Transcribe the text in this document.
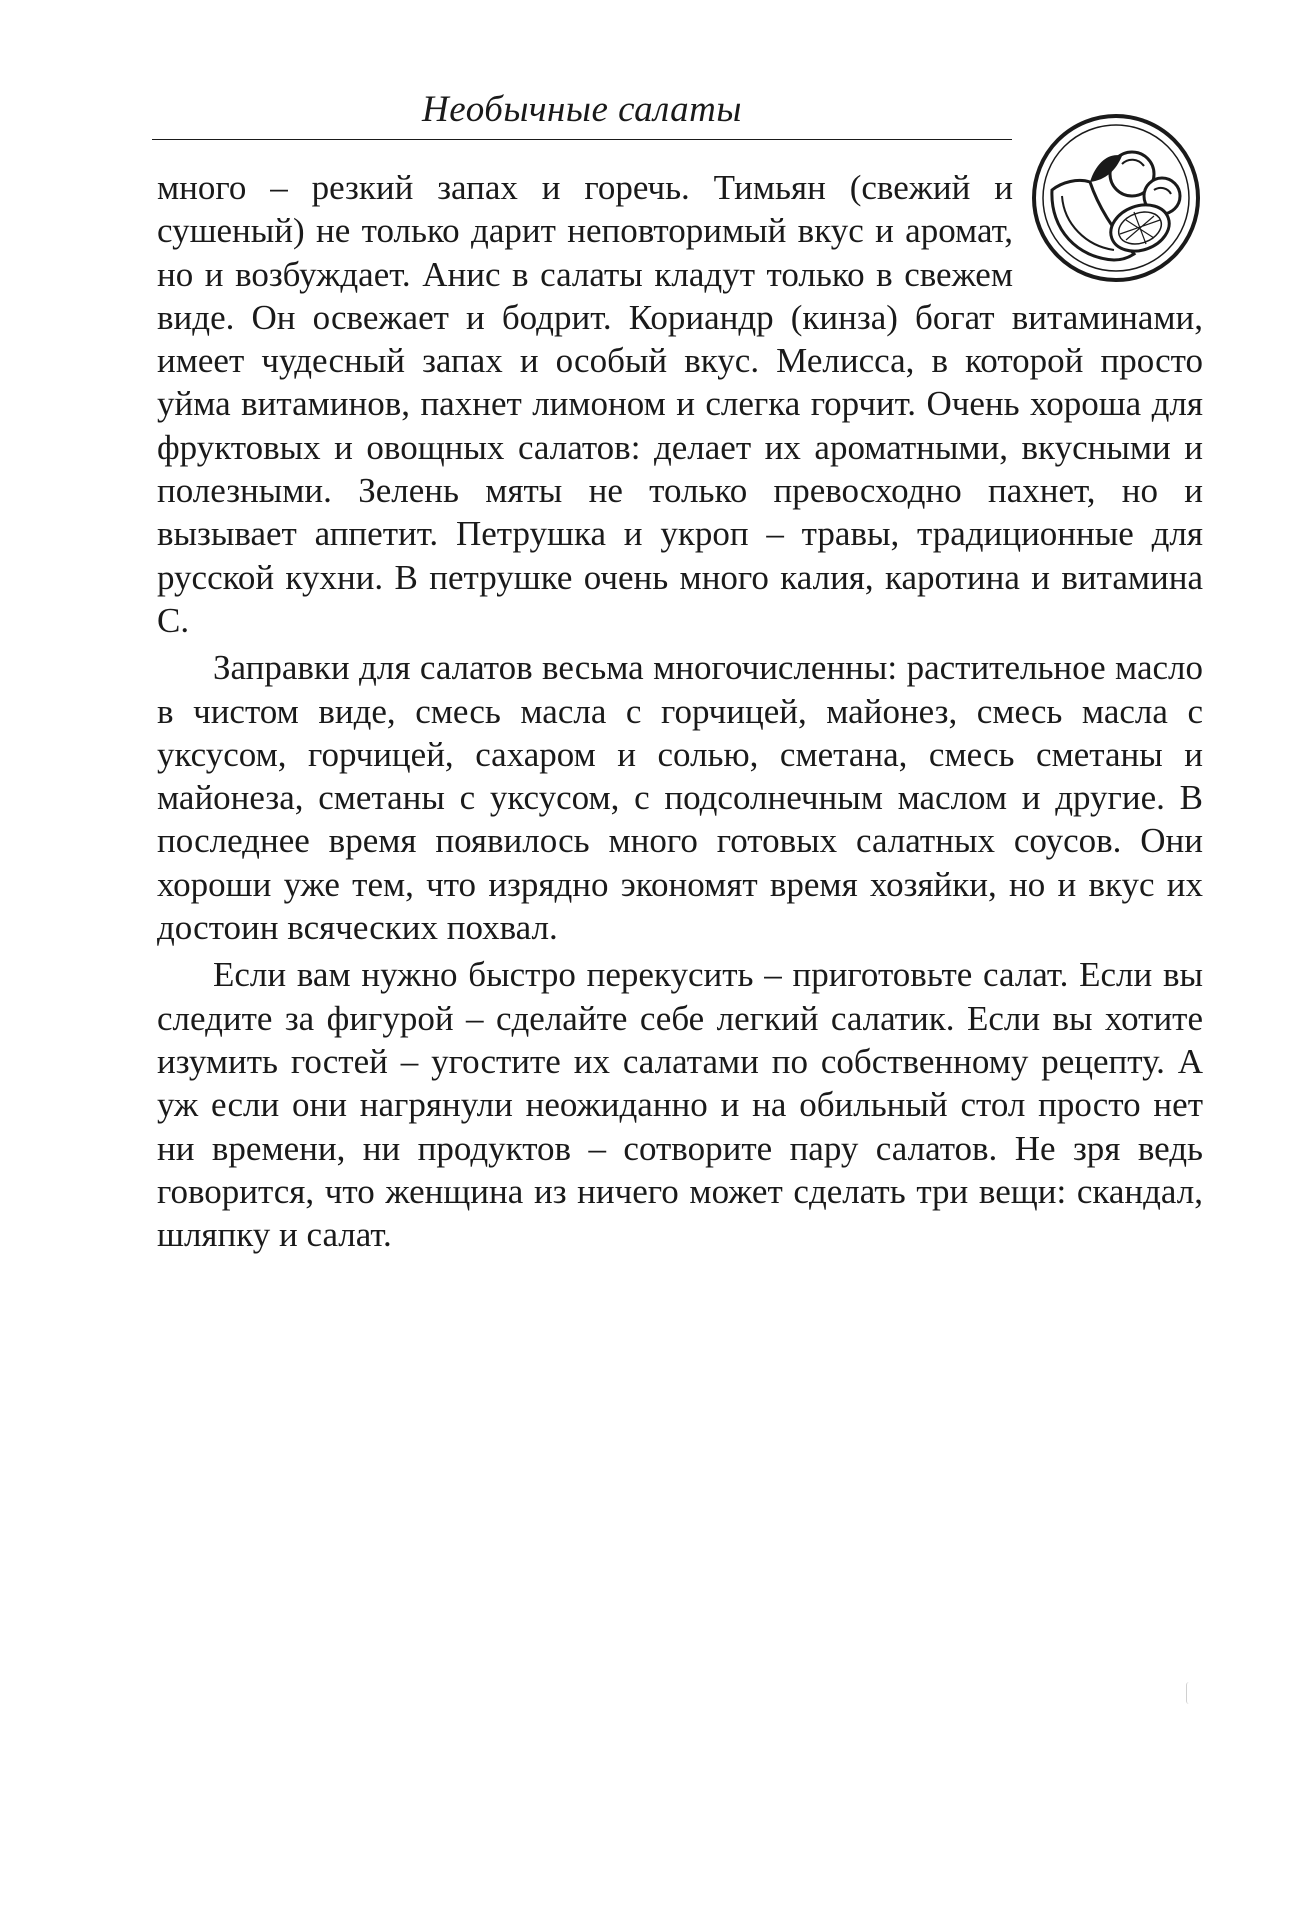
Необычные салаты

много – резкий запах и горечь. Тимьян (свежий и сушеный) не только дарит неповторимый вкус и аромат, но и возбуждает. Анис в салаты кладут только в свежем виде. Он освежает и бодрит. Кориандр (кинза) богат витаминами, имеет чудесный запах и особый вкус. Мелисса, в которой просто уйма витаминов, пахнет лимоном и слегка горчит. Очень хороша для фруктовых и овощных салатов: делает их ароматными, вкусными и полезными. Зелень мяты не только превосходно пахнет, но и вызывает аппетит. Петрушка и укроп – травы, традиционные для русской кухни. В петрушке очень много калия, каротина и витамина С.

Заправки для салатов весьма многочисленны: растительное масло в чистом виде, смесь масла с горчицей, майонез, смесь масла с уксусом, горчицей, сахаром и солью, сметана, смесь сметаны и майонеза, сметаны с уксусом, с подсолнечным маслом и другие. В последнее время появилось много готовых салатных соусов. Они хороши уже тем, что изрядно экономят время хозяйки, но и вкус их достоин всяческих похвал.

Если вам нужно быстро перекусить – приготовьте салат. Если вы следите за фигурой – сделайте себе легкий салатик. Если вы хотите изумить гостей – угостите их салатами по собственному рецепту. А уж если они нагрянули неожиданно и на обильный стол просто нет ни времени, ни продуктов – сотворите пару салатов. Не зря ведь говорится, что женщина из ничего может сделать три вещи: скандал, шляпку и салат.
